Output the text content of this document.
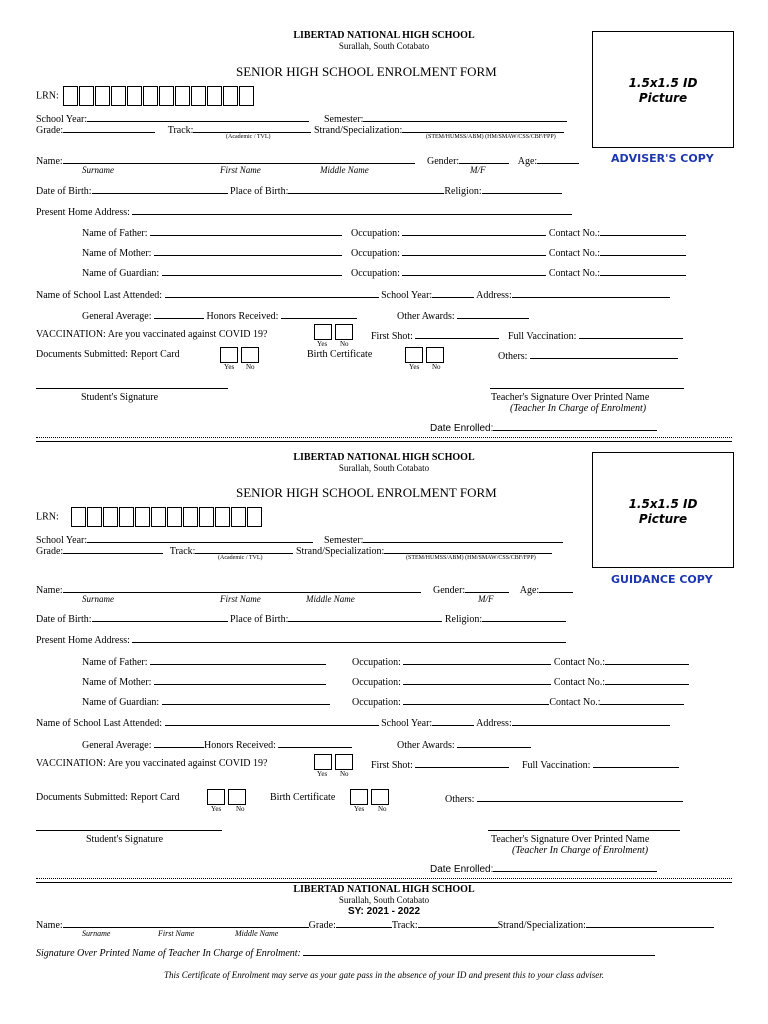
LIBERTAD NATIONAL HIGH SCHOOL
Surallah, South Cotabato
SENIOR HIGH SCHOOL ENROLMENT FORM
1.5x1.5 ID Picture
ADVISER'S COPY
LRN:
School Year:	Semester:
Grade:	Track:	Strand/Specialization:
(Academic / TVL)	(STEM/HUMSS/ABM) (HM/SMAW/CSS/CBF/FPP)
Name:	Gender:	Age:
Surname	First Name	Middle Name	M/F
Date of Birth:	Place of Birth:	Religion:
Present Home Address:
Name of Father:	Occupation:	Contact No.:
Name of Mother:	Occupation:	Contact No.:
Name of Guardian:	Occupation:	Contact No.:
Name of School Last Attended:	School Year:	Address:
General Average:	Honors Received:	Other Awards:
VACCINATION: Are you vaccinated against COVID 19?
Yes No
First Shot:	Full Vaccination:
Documents Submitted: Report Card
Yes No
Birth Certificate
Yes No
Others:
Student's Signature	Teacher's Signature Over Printed Name
(Teacher In Charge of Enrolment)
Date Enrolled:
LIBERTAD NATIONAL HIGH SCHOOL
Surallah, South Cotabato
SENIOR HIGH SCHOOL ENROLMENT FORM
1.5x1.5 ID Picture
GUIDANCE COPY
LRN:
School Year:	Semester:
Grade:	Track:	Strand/Specialization:
(Academic / TVL)	(STEM/HUMSS/ABM) (HM/SMAW/CSS/CBF/FPP)
Name:	Gender:	Age:
Surname	First Name	Middle Name	M/F
Date of Birth:	Place of Birth:	Religion:
Present Home Address:
Name of Father:	Occupation:	Contact No.:
Name of Mother:	Occupation:	Contact No.:
Name of Guardian:	Occupation:	Contact No.:
Name of School Last Attended:	School Year:	Address:
General Average:	Honors Received:	Other Awards:
VACCINATION: Are you vaccinated against COVID 19?
Yes No
First Shot:	Full Vaccination:
Documents Submitted: Report Card
Yes No
Birth Certificate
Yes No
Others:
Student's Signature	Teacher's Signature Over Printed Name
(Teacher In Charge of Enrolment)
Date Enrolled:
LIBERTAD NATIONAL HIGH SCHOOL
Surallah, South Cotabato
SY: 2021 - 2022
Name:	Grade:	Track:	Strand/Specialization:
Surname	First Name	Middle Name
Signature Over Printed Name of Teacher In Charge of Enrolment:
This Certificate of Enrolment may serve as your gate pass in the absence of your ID and present this to your class adviser.
